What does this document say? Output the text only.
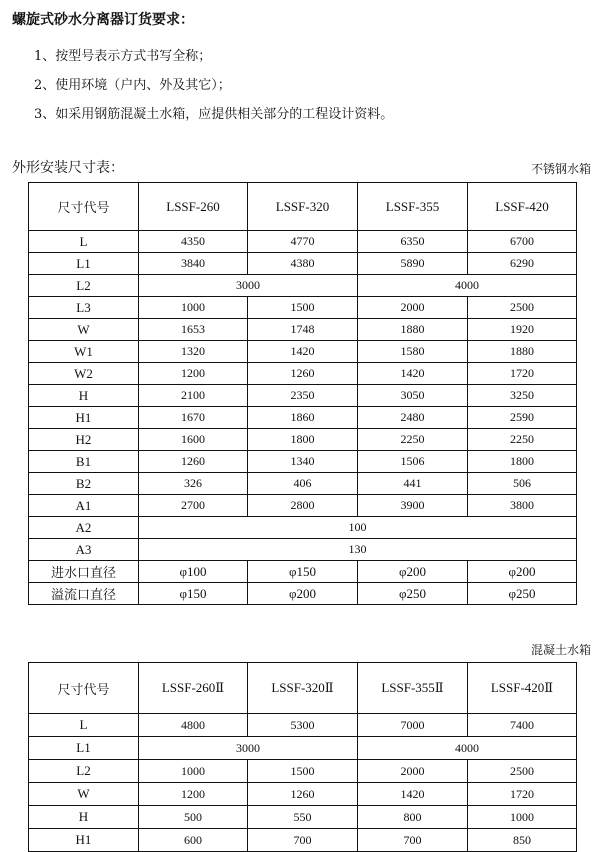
螺旋式砂水分离器订货要求：

1、按型号表示方式书写全称；

2、使用环境（户内、外及其它）；

3、如采用钢筋混凝土水箱，应提供相关部分的工程设计资料。

外形安装尺寸表：	不锈钢水箱

尺寸代号	LSSF-260	LSSF-320	LSSF-355	LSSF-420
L	4350	4770	6350	6700
L1	3840	4380	5890	6290
L2	3000		4000	
L3	1000	1500	2000	2500
W	1653	1748	1880	1920
W1	1320	1420	1580	1880
W2	1200	1260	1420	1720
H	2100	2350	3050	3250
H1	1670	1860	2480	2590
H2	1600	1800	2250	2250
B1	1260	1340	1506	1800
B2	326	406	441	506
A1	2700	2800	3900	3800
A2	100			
A3	130			
进水口直径	φ100	φ150	φ200	φ200
溢流口直径	φ150	φ200	φ250	φ250

混凝土水箱

尺寸代号	LSSF-260Ⅱ	LSSF-320Ⅱ	LSSF-355Ⅱ	LSSF-420Ⅱ
L	4800	5300	7000	7400
L1	3000		4000	
L2	1000	1500	2000	2500
W	1200	1260	1420	1720
H	500	550	800	1000
H1	600	700	700	850
